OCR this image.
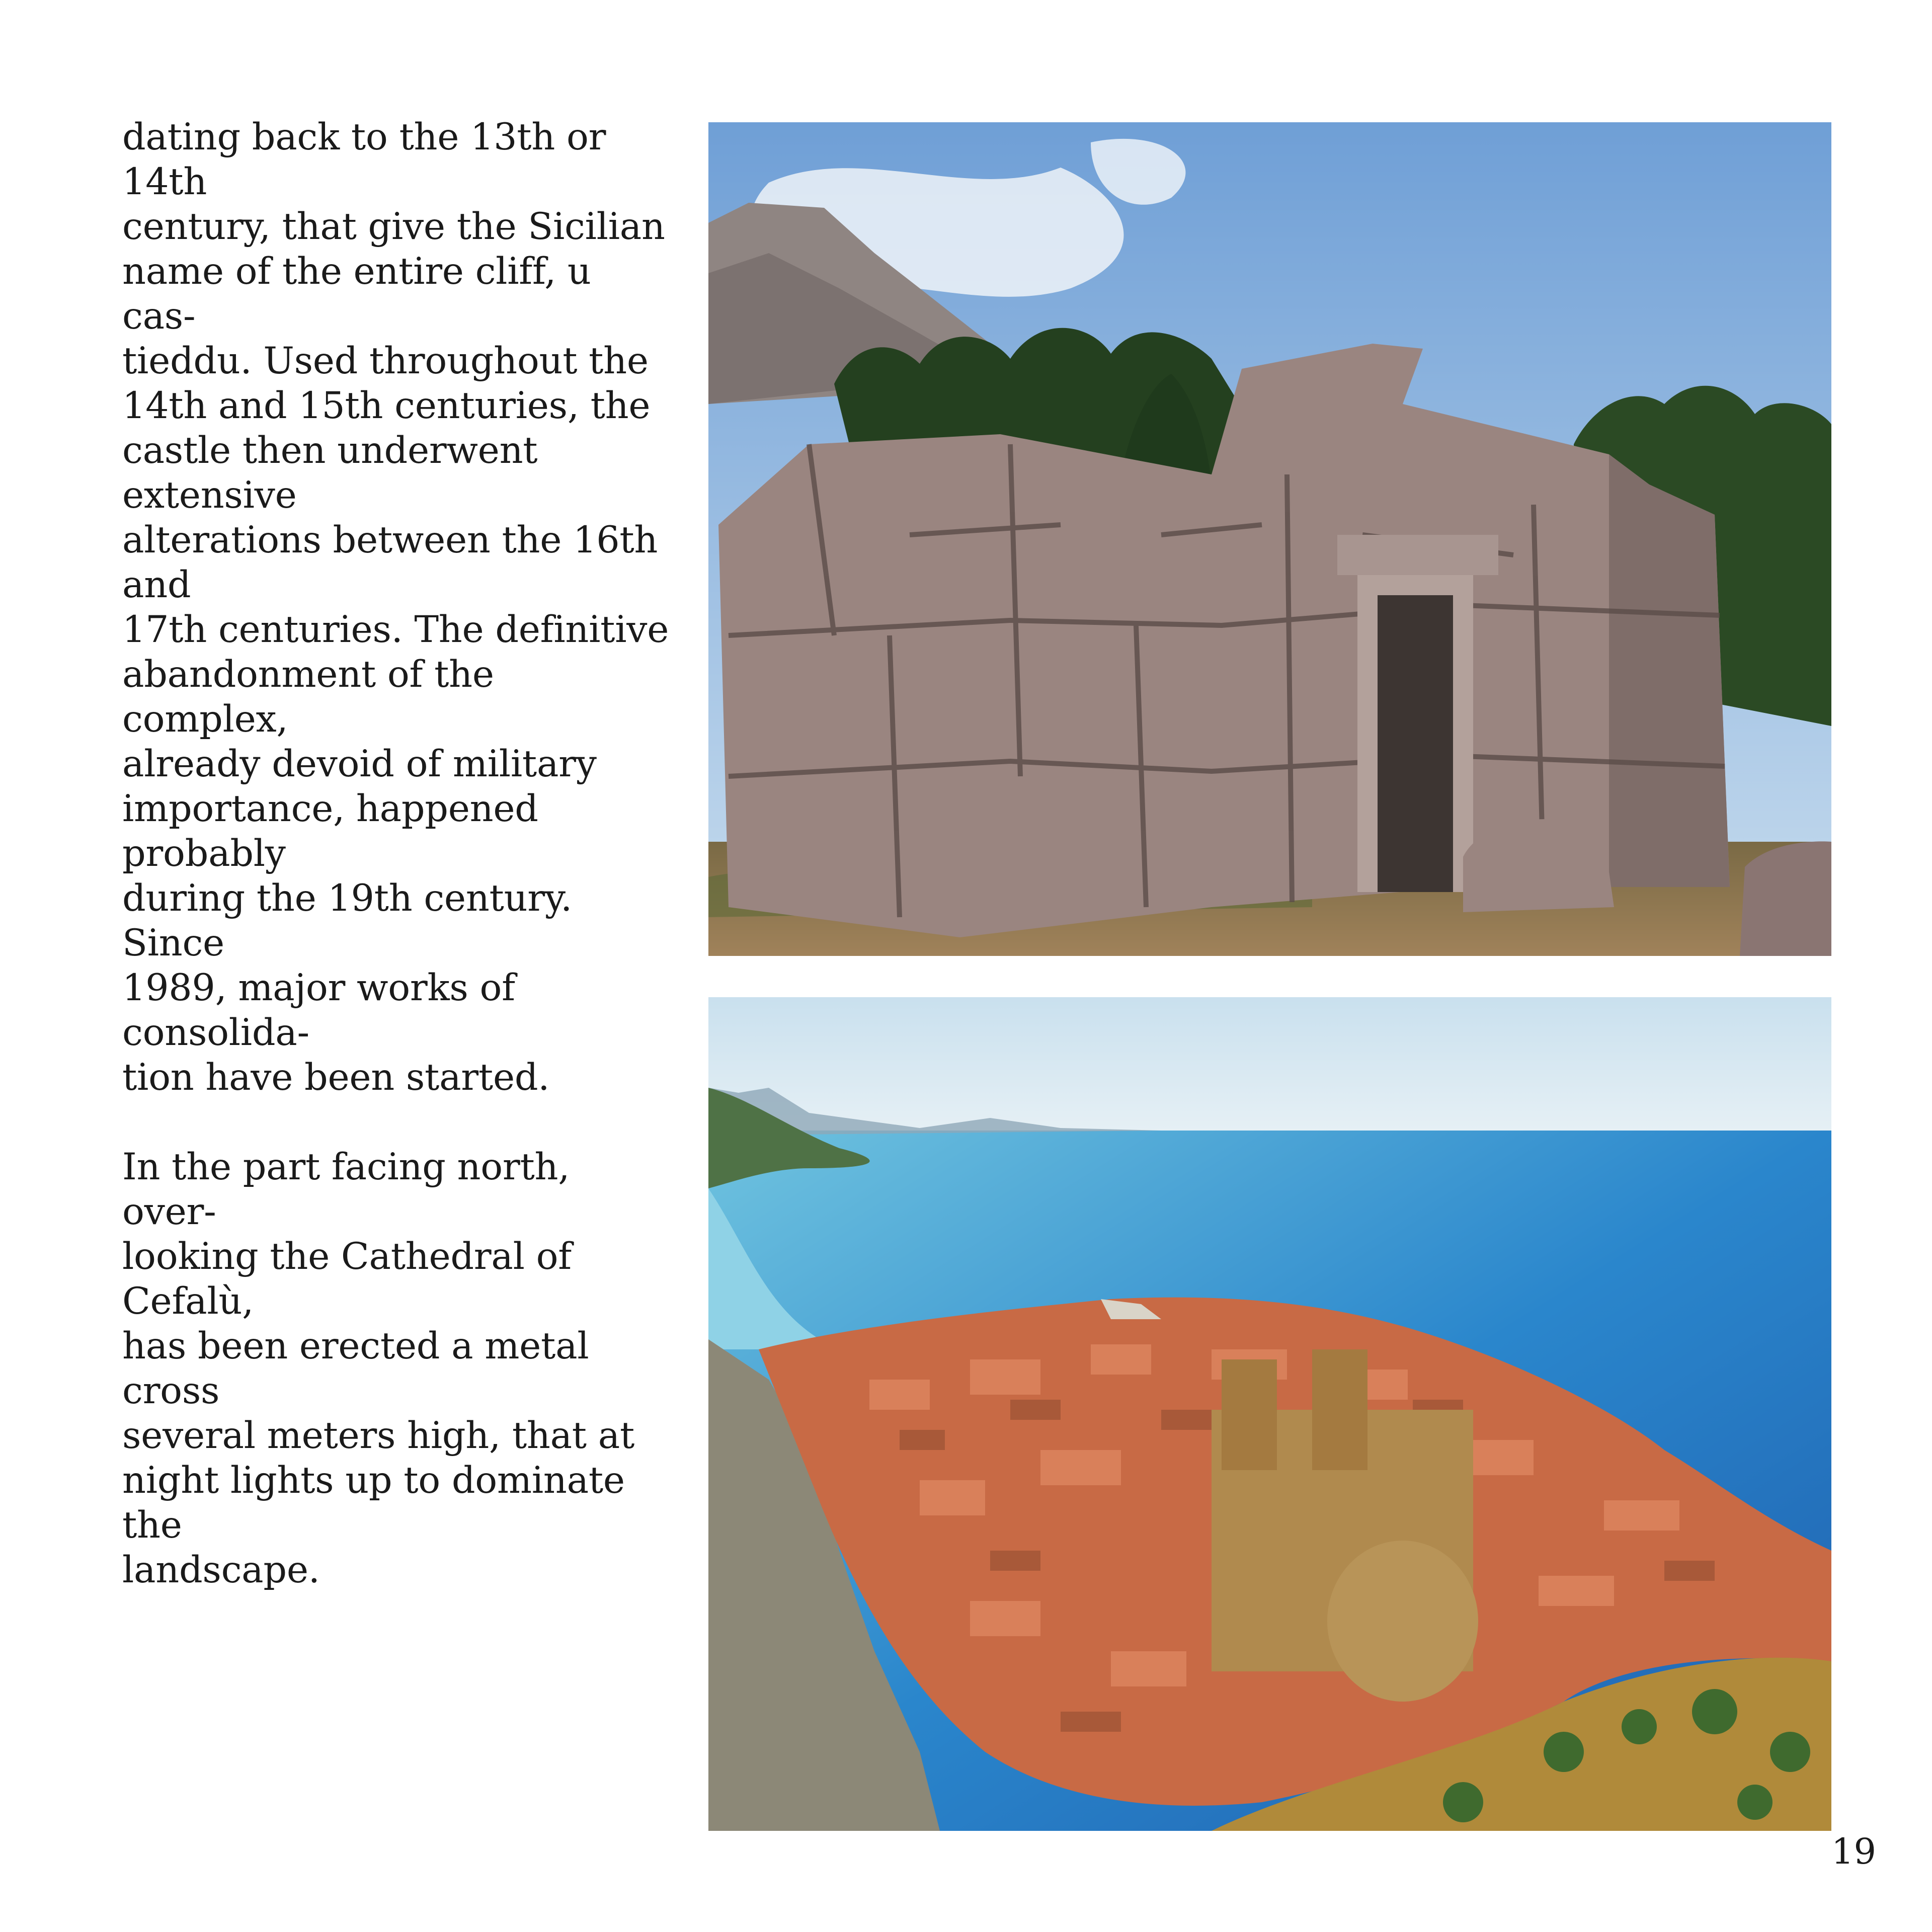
dating back to the 13th or 14th
century, that give the Sicilian
name of the entire cliff, u cas-
tieddu. Used throughout the
14th and 15th centuries, the
castle then underwent extensive
alterations between the 16th and
17th centuries. The definitive
abandonment of the complex,
already devoid of military
importance, happened probably
during the 19th century. Since
1989, major works of consolida-
tion have been started.

In the part facing north, over-
looking the Cathedral of Cefalù,
has been erected a metal cross
several meters high, that at
night lights up to dominate the
landscape.

19
